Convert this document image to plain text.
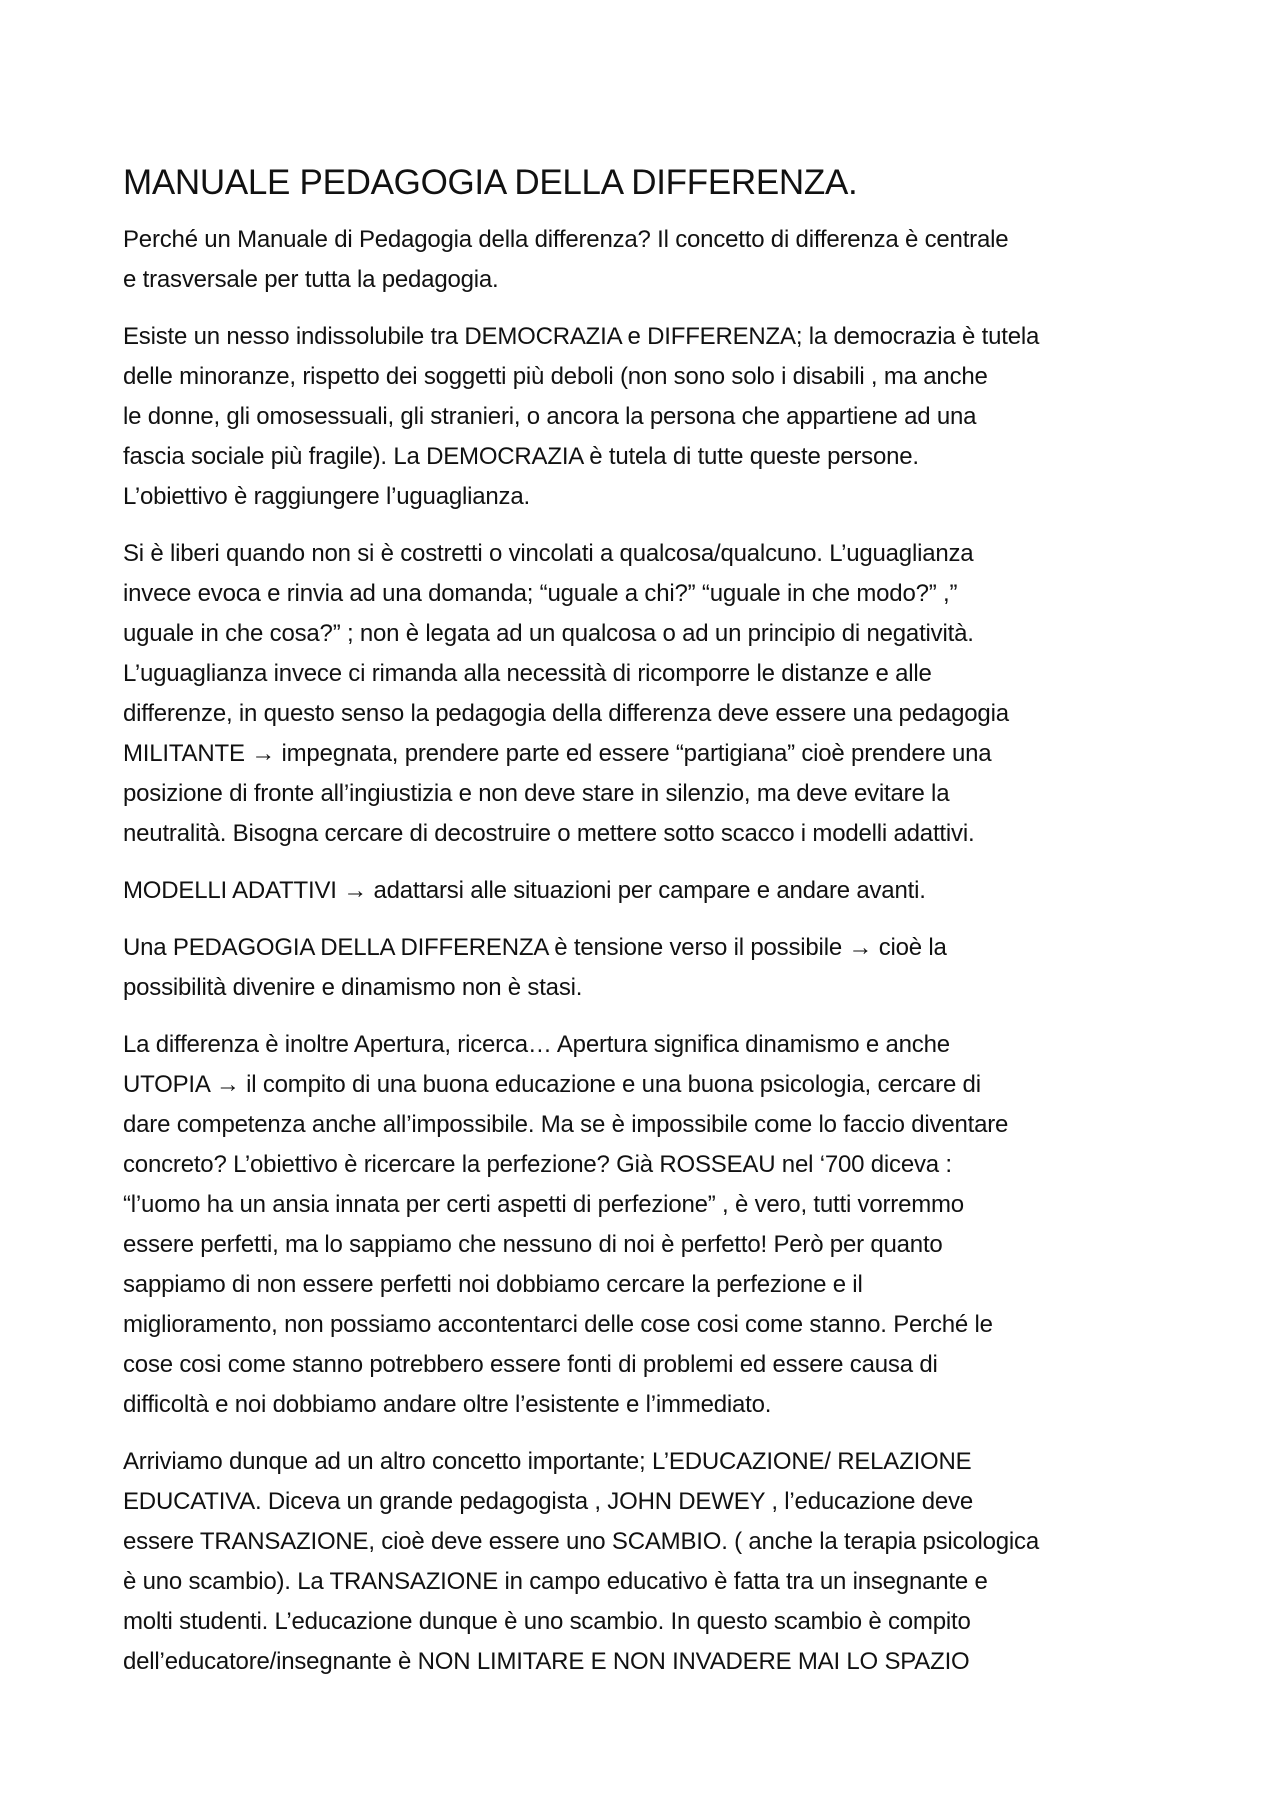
MANUALE PEDAGOGIA DELLA DIFFERENZA.

Perché un Manuale di Pedagogia della differenza? Il concetto di differenza è centrale
e trasversale per tutta la pedagogia.

Esiste un nesso indissolubile tra DEMOCRAZIA e DIFFERENZA; la democrazia è tutela
delle minoranze, rispetto dei soggetti più deboli (non sono solo i disabili , ma anche
le donne, gli omosessuali, gli stranieri, o ancora la persona che appartiene ad una
fascia sociale più fragile). La DEMOCRAZIA è tutela di tutte queste persone.
L’obiettivo è raggiungere l’uguaglianza.

Si è liberi quando non si è costretti o vincolati a qualcosa/qualcuno. L’uguaglianza
invece evoca e rinvia ad una domanda; “uguale a chi?” “uguale in che modo?” ,”
uguale in che cosa?” ; non è legata ad un qualcosa o ad un principio di negatività.
L’uguaglianza invece ci rimanda alla necessità di ricomporre le distanze e alle
differenze, in questo senso la pedagogia della differenza deve essere una pedagogia
MILITANTE → impegnata, prendere parte ed essere “partigiana” cioè prendere una
posizione di fronte all’ingiustizia e non deve stare in silenzio, ma deve evitare la
neutralità. Bisogna cercare di decostruire o mettere sotto scacco i modelli adattivi.

MODELLI ADATTIVI → adattarsi alle situazioni per campare e andare avanti.

Una PEDAGOGIA DELLA DIFFERENZA è tensione verso il possibile → cioè la
possibilità divenire e dinamismo non è stasi.

La differenza è inoltre Apertura, ricerca… Apertura significa dinamismo e anche
UTOPIA → il compito di una buona educazione e una buona psicologia, cercare di
dare competenza anche all’impossibile. Ma se è impossibile come lo faccio diventare
concreto? L’obiettivo è ricercare la perfezione? Già ROSSEAU nel ‘700 diceva :
“l’uomo ha un ansia innata per certi aspetti di perfezione” , è vero, tutti vorremmo
essere perfetti, ma lo sappiamo che nessuno di noi è perfetto! Però per quanto
sappiamo di non essere perfetti noi dobbiamo cercare la perfezione e il
miglioramento, non possiamo accontentarci delle cose cosi come stanno. Perché le
cose cosi come stanno potrebbero essere fonti di problemi ed essere causa di
difficoltà e noi dobbiamo andare oltre l’esistente e l’immediato.

Arriviamo dunque ad un altro concetto importante; L’EDUCAZIONE/ RELAZIONE
EDUCATIVA. Diceva un grande pedagogista , JOHN DEWEY , l’educazione deve
essere TRANSAZIONE, cioè deve essere uno SCAMBIO. ( anche la terapia psicologica
è uno scambio). La TRANSAZIONE in campo educativo è fatta tra un insegnante e
molti studenti. L’educazione dunque è uno scambio. In questo scambio è compito
dell’educatore/insegnante è NON LIMITARE E NON INVADERE MAI LO SPAZIO
